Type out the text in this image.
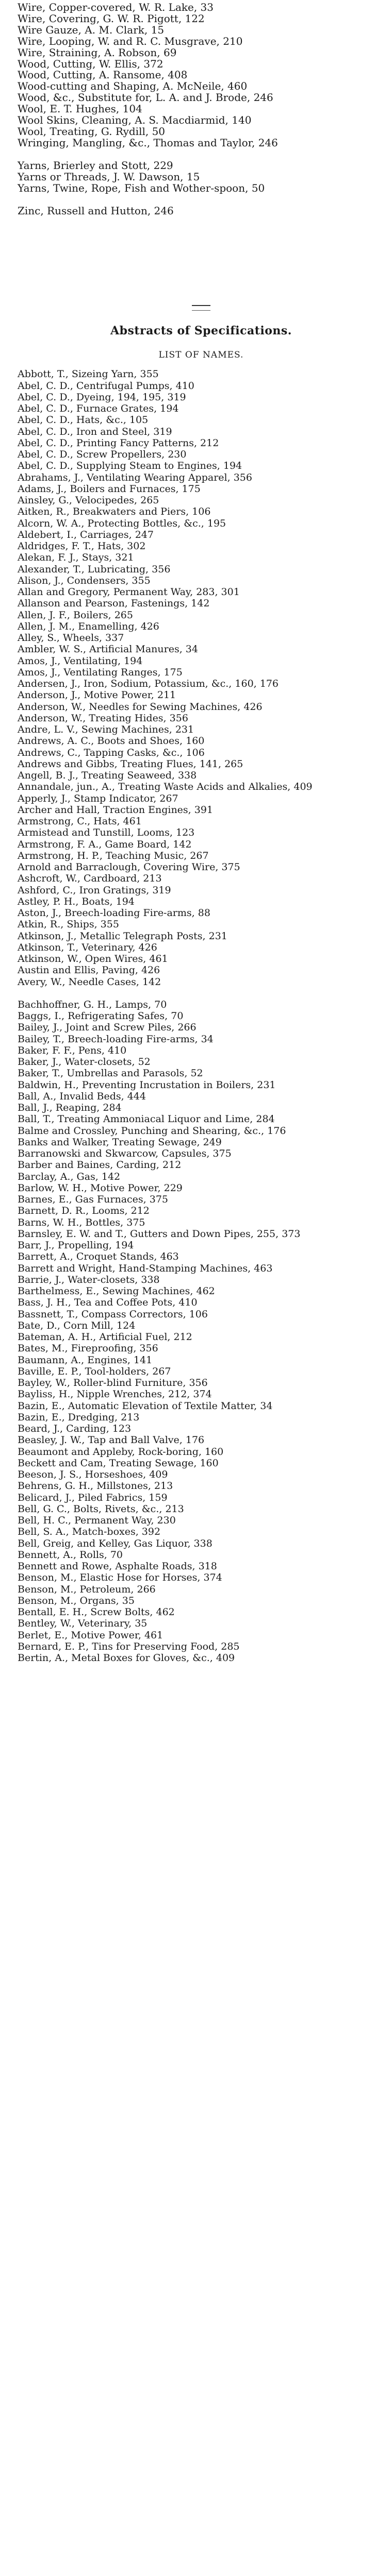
Wire, Copper-covered, W. R. Lake, 33

Wire, Covering, G. W. R. Pigott, 122

Wire Gauze, A. M. Clark, 15

Wire, Looping, W. and R. C. Musgrave, 210

Wire, Straining, A. Robson, 69

Wood, Cutting, W. Ellis, 372

Wood, Cutting, A. Ransome, 408

Wood-cutting and Shaping, A. McNeile, 460

Wood, &c., Substitute for, L. A. and J. Brode, 246

Wool, E. T. Hughes, 104

Wool Skins, Cleaning, A. S. Macdiarmid, 140

Wool, Treating, G. Rydill, 50

Wringing, Mangling, &c., Thomas and Taylor, 246

Yarns, Brierley and Stott, 229

Yarns or Threads, J. W. Dawson, 15

Yarns, Twine, Rope, Fish and Wother-spoon, 50

Zinc, Russell and Hutton, 246

Abstracts of Specifications.
LIST OF NAMES.

Abbott, T., Sizeing Yarn, 355

Abel, C. D., Centrifugal Pumps, 410

Abel, C. D., Dyeing, 194, 195, 319

Abel, C. D., Furnace Grates, 194

Abel, C. D., Hats, &c., 105

Abel, C. D., Iron and Steel, 319

Abel, C. D., Printing Fancy Patterns, 212

Abel, C. D., Screw Propellers, 230

Abel, C. D., Supplying Steam to Engines, 194

Abrahams, J., Ventilating Wearing Apparel, 356

Adams, J., Boilers and Furnaces, 175

Ainsley, G., Velocipedes, 265

Aitken, R., Breakwaters and Piers, 106

Alcorn, W. A., Protecting Bottles, &c., 195

Aldebert, I., Carriages, 247

Aldridges, F. T., Hats, 302

Alekan, F. J., Stays, 321

Alexander, T., Lubricating, 356

Alison, J., Condensers, 355

Allan and Gregory, Permanent Way, 283, 301

Allanson and Pearson, Fastenings, 142

Allen, J. F., Boilers, 265

Allen, J. M., Enamelling, 426

Alley, S., Wheels, 337

Ambler, W. S., Artificial Manures, 34

Amos, J., Ventilating, 194

Amos, J., Ventilating Ranges, 175

Andersen, J., Iron, Sodium, Potassium, &c., 160, 176

Anderson, J., Motive Power, 211

Anderson, W., Needles for Sewing Machines, 426

Anderson, W., Treating Hides, 356

Andre, L. V., Sewing Machines, 231

Andrews, A. C., Boots and Shoes, 160

Andrews, C., Tapping Casks, &c., 106

Andrews and Gibbs, Treating Flues, 141, 265

Angell, B. J., Treating Seaweed, 338

Annandale, jun., A., Treating Waste Acids and Alkalies, 409

Apperly, J., Stamp Indicator, 267

Archer and Hall, Traction Engines, 391

Armstrong, C., Hats, 461

Armistead and Tunstill, Looms, 123

Armstrong, F. A., Game Board, 142

Armstrong, H. P., Teaching Music, 267

Arnold and Barraclough, Covering Wire, 375

Ashcroft, W., Cardboard, 213

Ashford, C., Iron Gratings, 319

Astley, P. H., Boats, 194

Aston, J., Breech-loading Fire-arms, 88

Atkin, R., Ships, 355

Atkinson, J., Metallic Telegraph Posts, 231

Atkinson, T., Veterinary, 426

Atkinson, W., Open Wires, 461

Austin and Ellis, Paving, 426

Avery, W., Needle Cases, 142

Bachhoffner, G. H., Lamps, 70

Baggs, I., Refrigerating Safes, 70

Bailey, J., Joint and Screw Piles, 266

Bailey, T., Breech-loading Fire-arms, 34

Baker, F. F., Pens, 410

Baker, J., Water-closets, 52

Baker, T., Umbrellas and Parasols, 52

Baldwin, H., Preventing Incrustation in Boilers, 231

Ball, A., Invalid Beds, 444

Ball, J., Reaping, 284

Ball, T., Treating Ammoniacal Liquor and Lime, 284

Balme and Crossley, Punching and Shearing, &c., 176

Banks and Walker, Treating Sewage, 249

Barranowski and Skwarcow, Capsules, 375

Barber and Baines, Carding, 212

Barclay, A., Gas, 142

Barlow, W. H., Motive Power, 229

Barnes, E., Gas Furnaces, 375

Barnett, D. R., Looms, 212

Barns, W. H., Bottles, 375

Barnsley, E. W. and T., Gutters and Down Pipes, 255, 373

Barr, J., Propelling, 194

Barrett, A., Croquet Stands, 463

Barrett and Wright, Hand-Stamping Machines, 463

Barrie, J., Water-closets, 338

Barthelmess, E., Sewing Machines, 462

Bass, J. H., Tea and Coffee Pots, 410

Bassnett, T., Compass Correctors, 106

Bate, D., Corn Mill, 124

Bateman, A. H., Artificial Fuel, 212

Bates, M., Fireproofing, 356

Baumann, A., Engines, 141

Baville, E. P., Tool-holders, 267

Bayley, W., Roller-blind Furniture, 356

Bayliss, H., Nipple Wrenches, 212, 374

Bazin, E., Automatic Elevation of Textile Matter, 34

Bazin, E., Dredging, 213

Beard, J., Carding, 123

Beasley, J. W., Tap and Ball Valve, 176

Beaumont and Appleby, Rock-boring, 160

Beckett and Cam, Treating Sewage, 160

Beeson, J. S., Horseshoes, 409

Behrens, G. H., Millstones, 213

Belicard, J., Piled Fabrics, 159

Bell, G. C., Bolts, Rivets, &c., 213

Bell, H. C., Permanent Way, 230

Bell, S. A., Match-boxes, 392

Bell, Greig, and Kelley, Gas Liquor, 338

Bennett, A., Rolls, 70

Bennett and Rowe, Asphalte Roads, 318

Benson, M., Elastic Hose for Horses, 374

Benson, M., Petroleum, 266

Benson, M., Organs, 35

Bentall, E. H., Screw Bolts, 462

Bentley, W., Veterinary, 35

Berlet, E., Motive Power, 461

Bernard, E. P., Tins for Preserving Food, 285

Bertin, A., Metal Boxes for Gloves, &c., 409
